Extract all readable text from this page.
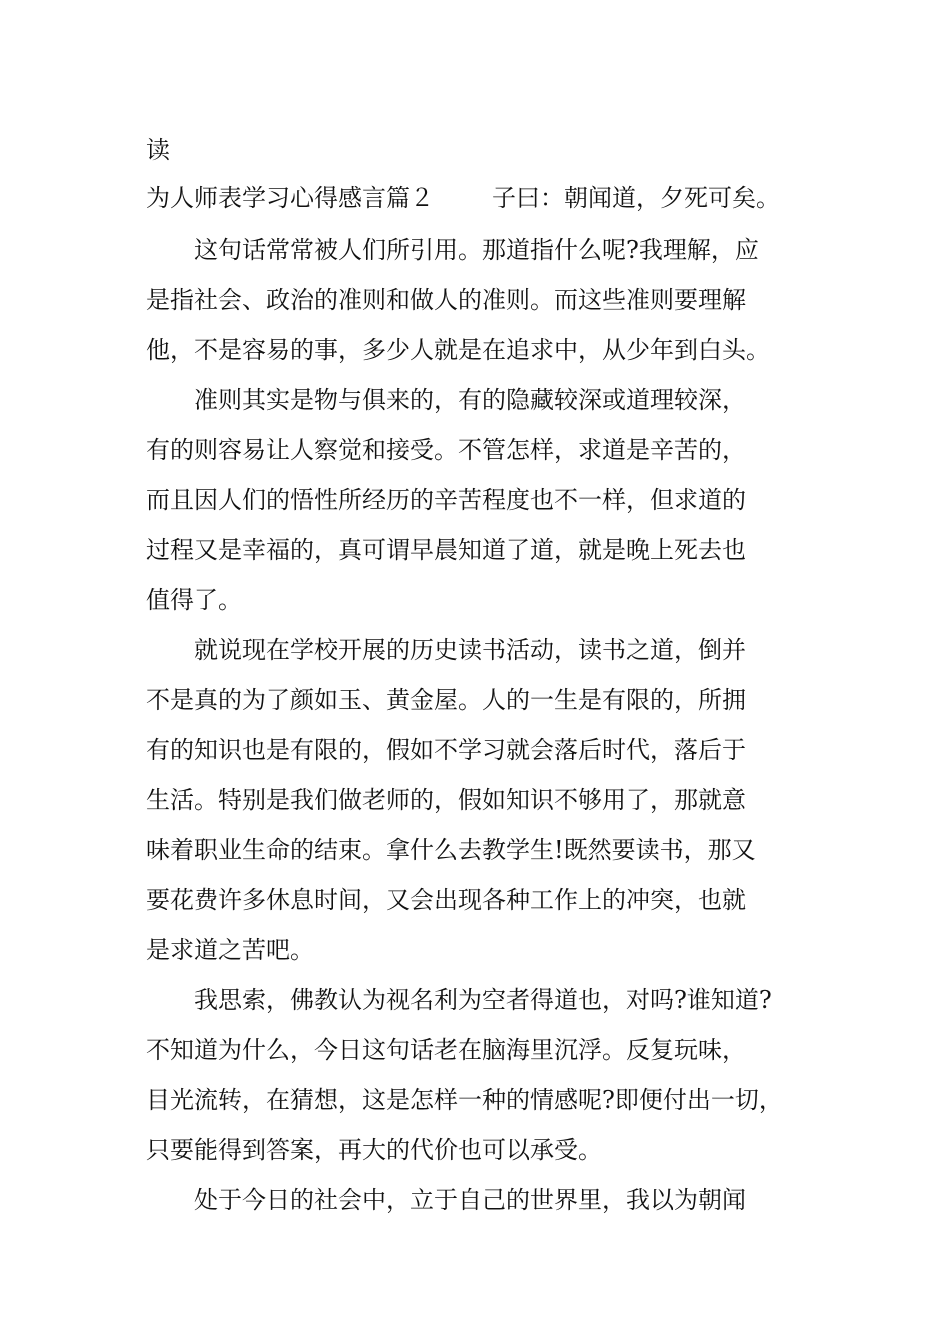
读
为人师表学习心得感言篇２ 子曰：朝闻道，夕死可矣。
　　这句话常常被人们所引用。那道指什么呢?我理解，应
是指社会、政治的准则和做人的准则。而这些准则要理解
他，不是容易的事，多少人就是在追求中，从少年到白头。
　　准则其实是物与俱来的，有的隐藏较深或道理较深，
有的则容易让人察觉和接受。不管怎样，求道是辛苦的，
而且因人们的悟性所经历的辛苦程度也不一样，但求道的
过程又是幸福的，真可谓早晨知道了道，就是晚上死去也
值得了。
　　就说现在学校开展的历史读书活动，读书之道，倒并
不是真的为了颜如玉、黄金屋。人的一生是有限的，所拥
有的知识也是有限的，假如不学习就会落后时代，落后于
生活。特别是我们做老师的，假如知识不够用了，那就意
味着职业生命的结束。拿什么去教学生!既然要读书，那又
要花费许多休息时间，又会出现各种工作上的冲突，也就
是求道之苦吧。
　　我思索，佛教认为视名利为空者得道也，对吗?谁知道?
不知道为什么，今日这句话老在脑海里沉浮。反复玩味，
目光流转，在猜想，这是怎样一种的情感呢?即便付出一切，
只要能得到答案，再大的代价也可以承受。
　　处于今日的社会中，立于自己的世界里，我以为朝闻
